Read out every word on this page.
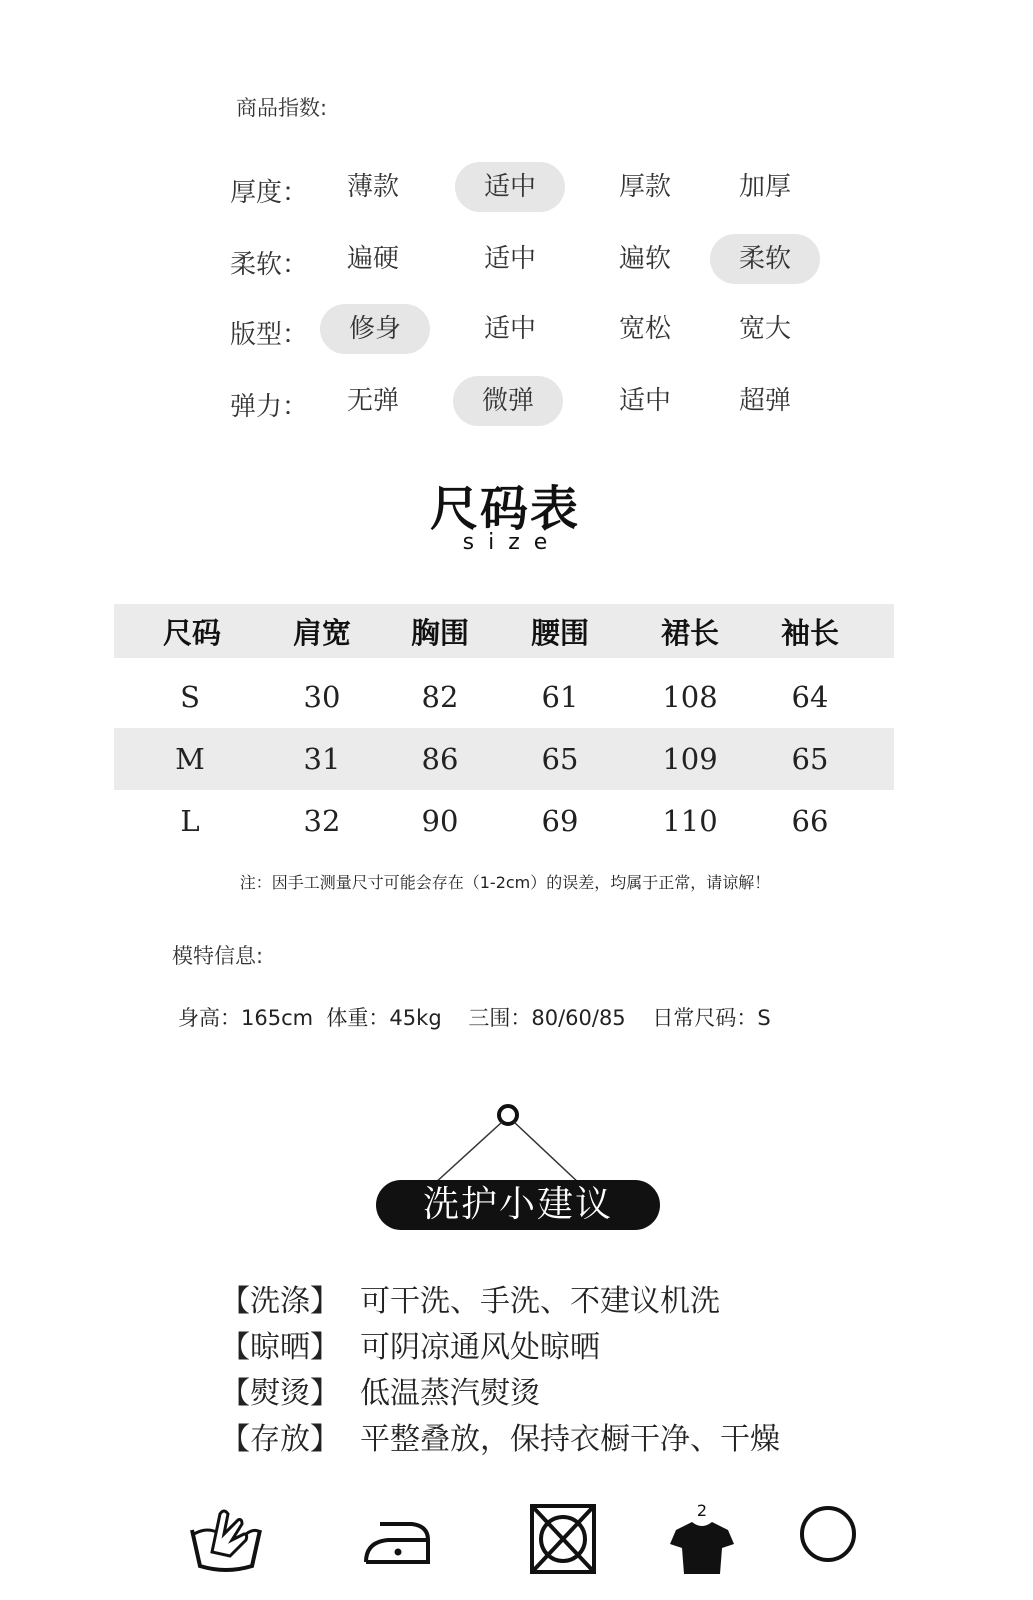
商品指数:
厚度：	薄款	适中	厚款	加厚
柔软：	遍硬	适中	遍软	柔软
版型：	修身	适中	宽松	宽大
弹力：	无弹	微弹	适中	超弹
尺码表
size
尺码	肩宽	胸围	腰围	裙长	袖长
S	30	82	61	108	64
M	31	86	65	109	65
L	32	90	69	110	66
注：因手工测量尺寸可能会存在（1-2cm）的误差，均属于正常，请谅解！
模特信息:
身高：165cm  体重：45kg    三围：80/60/85    日常尺码：S
洗护小建议
【洗涤】 可干洗、手洗、不建议机洗
【晾晒】 可阴凉通风处晾晒
【熨烫】 低温蒸汽熨烫
【存放】 平整叠放，保持衣橱干净、干燥
2
